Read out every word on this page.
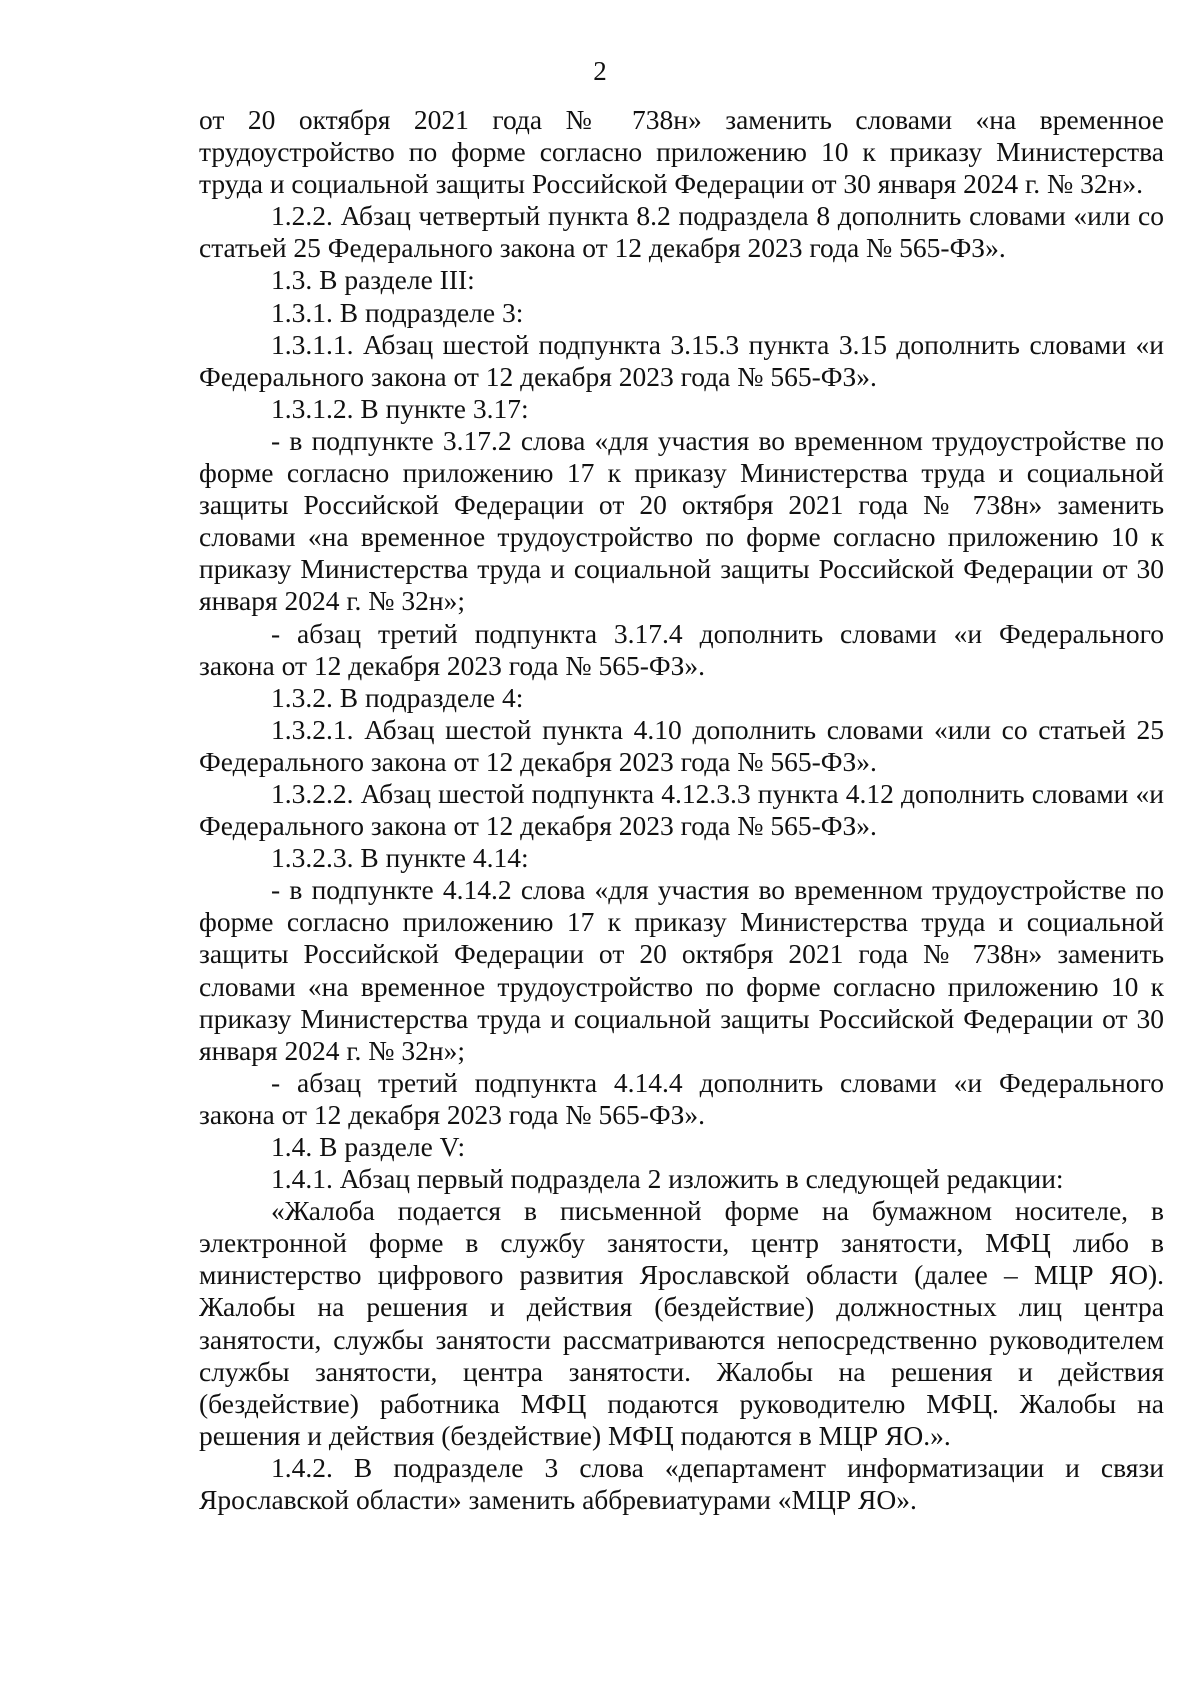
2

от 20 октября 2021 года № 738н» заменить словами «на временное трудоустройство по форме согласно приложению 10 к приказу Министерства труда и социальной защиты Российской Федерации от 30 января 2024 г. № 32н».

1.2.2. Абзац четвертый пункта 8.2 подраздела 8 дополнить словами «или со статьей 25 Федерального закона от 12 декабря 2023 года № 565-ФЗ».

1.3. В разделе III:

1.3.1. В подразделе 3:

1.3.1.1. Абзац шестой подпункта 3.15.3 пункта 3.15 дополнить словами «и Федерального закона от 12 декабря 2023 года № 565-ФЗ».

1.3.1.2. В пункте 3.17:

- в подпункте 3.17.2 слова «для участия во временном трудоустройстве по форме согласно приложению 17 к приказу Министерства труда и социальной защиты Российской Федерации от 20 октября 2021 года № 738н» заменить словами «на временное трудоустройство по форме согласно приложению 10 к приказу Министерства труда и социальной защиты Российской Федерации от 30 января 2024 г. № 32н»;

- абзац третий подпункта 3.17.4 дополнить словами «и Федерального закона от 12 декабря 2023 года № 565-ФЗ».

1.3.2. В подразделе 4:

1.3.2.1. Абзац шестой пункта 4.10 дополнить словами «или со статьей 25 Федерального закона от 12 декабря 2023 года № 565-ФЗ».

1.3.2.2. Абзац шестой подпункта 4.12.3.3 пункта 4.12 дополнить словами «и Федерального закона от 12 декабря 2023 года № 565-ФЗ».

1.3.2.3. В пункте 4.14:

- в подпункте 4.14.2 слова «для участия во временном трудоустройстве по форме согласно приложению 17 к приказу Министерства труда и социальной защиты Российской Федерации от 20 октября 2021 года № 738н» заменить словами «на временное трудоустройство по форме согласно приложению 10 к приказу Министерства труда и социальной защиты Российской Федерации от 30 января 2024 г. № 32н»;

- абзац третий подпункта 4.14.4 дополнить словами «и Федерального закона от 12 декабря 2023 года № 565-ФЗ».

1.4. В разделе V:

1.4.1. Абзац первый подраздела 2 изложить в следующей редакции:

«Жалоба подается в письменной форме на бумажном носителе, в электронной форме в службу занятости, центр занятости, МФЦ либо в министерство цифрового развития Ярославской области (далее – МЦР ЯО). Жалобы на решения и действия (бездействие) должностных лиц центра занятости, службы занятости рассматриваются непосредственно руководителем службы занятости, центра занятости. Жалобы на решения и действия (бездействие) работника МФЦ подаются руководителю МФЦ. Жалобы на решения и действия (бездействие) МФЦ подаются в МЦР ЯО.».

1.4.2. В подразделе 3 слова «департамент информатизации и связи Ярославской области» заменить аббревиатурами «МЦР ЯО».
